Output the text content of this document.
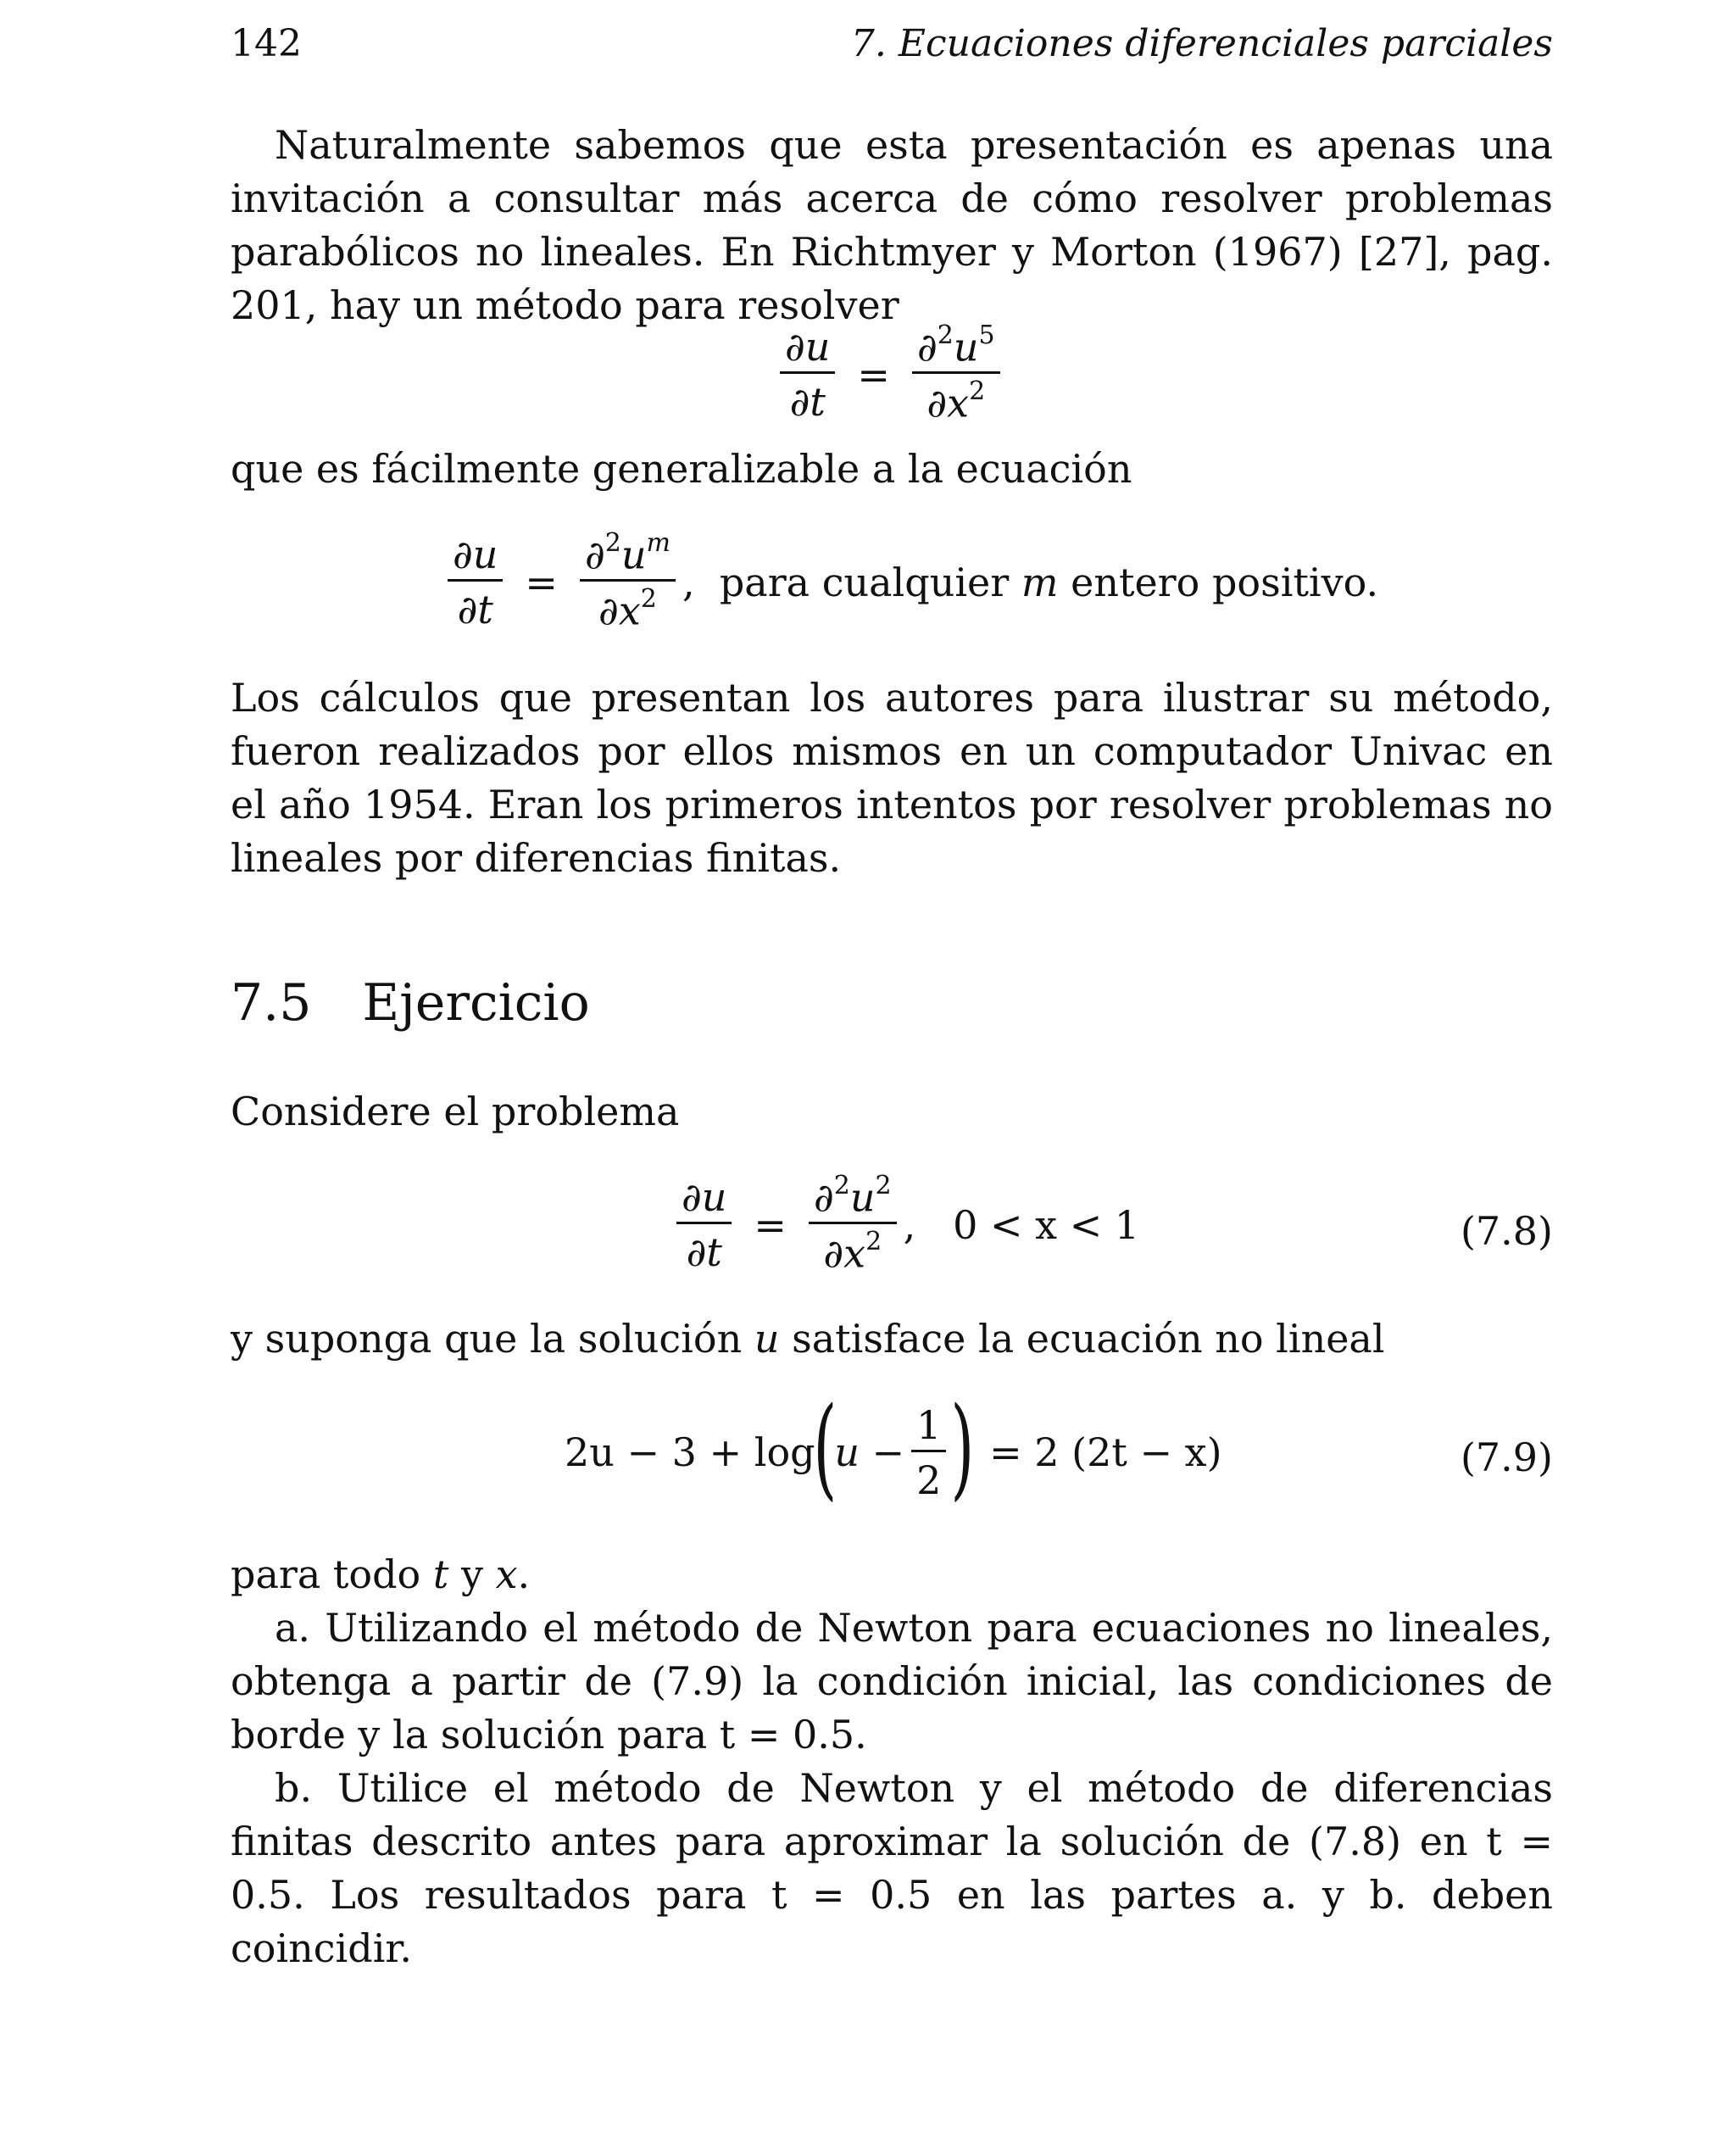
142	7. Ecuaciones diferenciales parciales
Naturalmente sabemos que esta presentación es apenas una invitación a consultar más acerca de cómo resolver problemas parabólicos no lineales. En Richtmyer y Morton (1967) [27], pag. 201, hay un método para resolver
$\frac{\partial u}{\partial t} = \frac{\partial^2u^5}{\partial x^2}$
que es fácilmente generalizable a la ecuación
$\frac{\partial u}{\partial t} = \frac{\partial^2u^m}{\partial x^2}$ ,  para cualquier m entero positivo.
Los cálculos que presentan los autores para ilustrar su método, fueron realizados por ellos mismos en un computador Univac en el año 1954. Eran los primeros intentos por resolver problemas no lineales por diferencias finitas.
7.5 Ejercicio
Considere el problema
$\frac{\partial u}{\partial t} = \frac{\partial^2u^2}{\partial x^2}$ ,   0 < x < 1	(7.8)
y suponga que la solución u satisface la ecuación no lineal
2u − 3 + log
(
$u - \frac{1}{2}$ ) = 2 (2t − x)	(7.9)
para todo t y x.
a. Utilizando el método de Newton para ecuaciones no lineales, obtenga a partir de (7.9) la condición inicial, las condiciones de borde y la solución para t = 0.5.
b. Utilice el método de Newton y el método de diferencias finitas descrito antes para aproximar la solución de (7.8) en t = 0.5. Los resultados para t = 0.5 en las partes a. y b. deben coincidir.
